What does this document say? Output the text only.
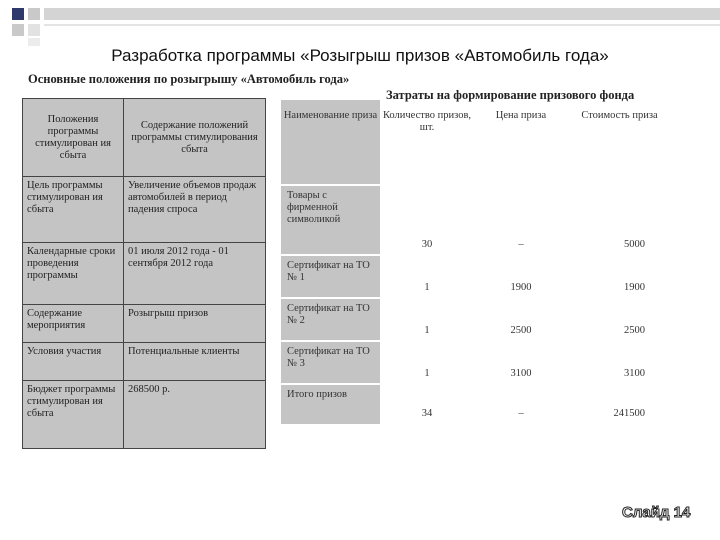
Разработка программы «Розыгрыш призов «Автомобиль года»
Основные положения по розыгрышу «Автомобиль года»
Затраты на формирование призового фонда
Положения программы стимулирован ия сбыта	Содержание положений программы стимулирования сбыта
Цель программы стимулирован ия сбыта	Увеличение объемов продаж автомобилей в период падения спроса
Календарные сроки проведения программы	01 июля 2012 года - 01 сентября 2012 года
Содержание мероприятия	Розыгрыш призов
Условия участия	Потенциальные клиенты
Бюджет программы стимулирован ия сбыта	268500 р.
Наименование приза	Количество призов, шт.	Цена приза	Стоимость приза
Товары с фирменной символикой	30	–	5000
Сертификат на ТО № 1	1	1900	1900
Сертификат на ТО № 2	1	2500	2500
Сертификат на ТО № 3	1	3100	3100
Итого призов	34	–	241500
Слайд 14
